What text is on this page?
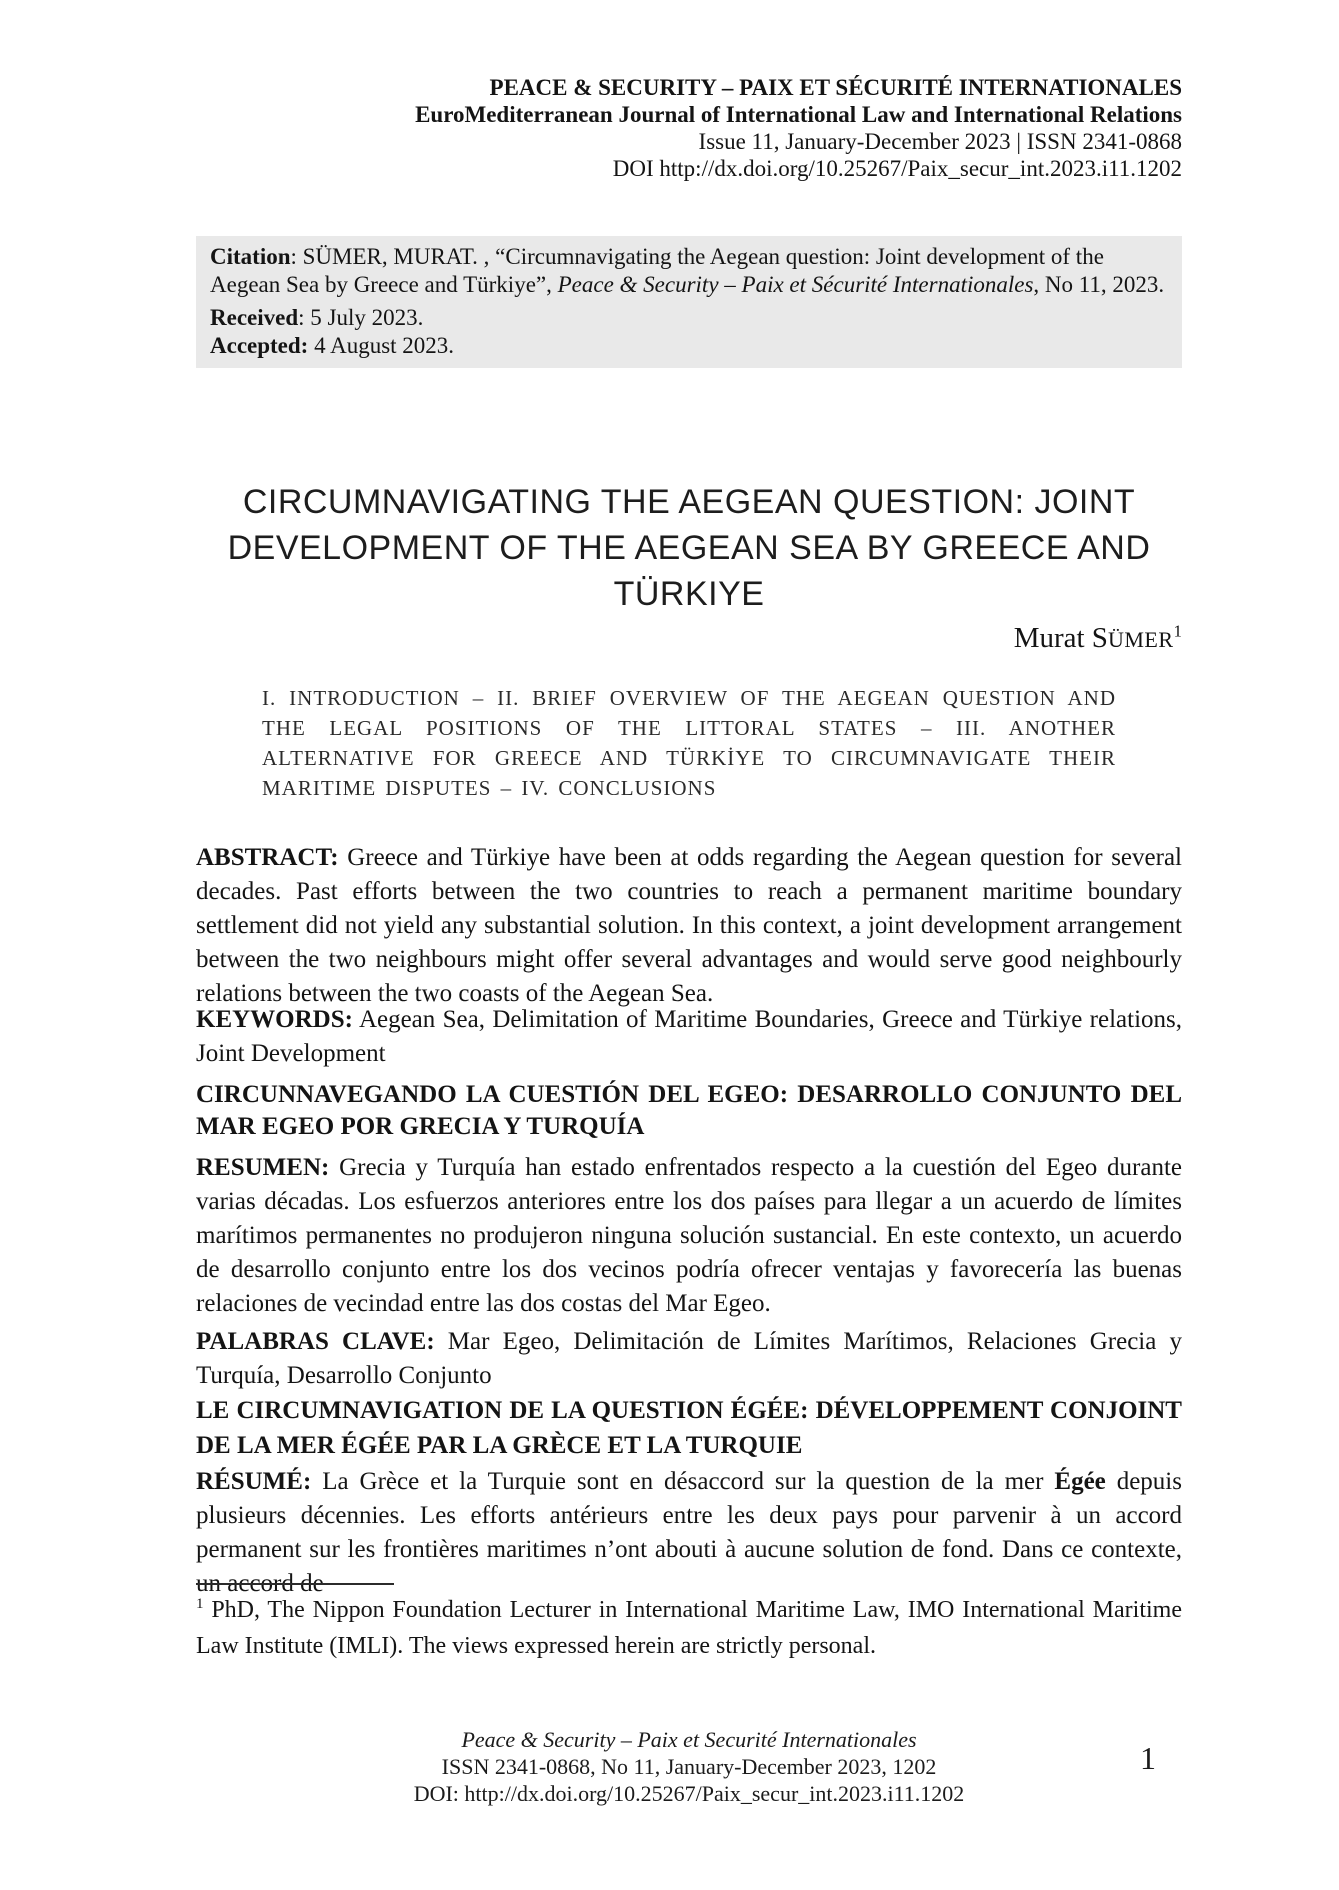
PEACE & SECURITY – PAIX ET SÉCURITÉ INTERNATIONALES
EuroMediterranean Journal of International Law and International Relations
Issue 11, January-December 2023 | ISSN 2341-0868
DOI http://dx.doi.org/10.25267/Paix_secur_int.2023.i11.1202

Citation: SÜMER, MURAT. , “Circumnavigating the Aegean question: Joint development of the Aegean Sea by Greece and Türkiye”, Peace & Security – Paix et Sécurité Internationales, No 11, 2023.

Received: 5 July 2023.

Accepted: 4 August 2023.

CIRCUMNAVIGATING THE AEGEAN QUESTION: JOINT DEVELOPMENT OF THE AEGEAN SEA BY GREECE AND TÜRKIYE
Murat SÜMER$^1$
I. INTRODUCTION – II. BRIEF OVERVIEW OF THE AEGEAN QUESTION AND THE LEGAL POSITIONS OF THE LITTORAL STATES – III. ANOTHER ALTERNATIVE FOR GREECE AND TÜRKİYE TO CIRCUMNAVIGATE THEIR MARITIME DISPUTES – IV. CONCLUSIONS
ABSTRACT: Greece and Türkiye have been at odds regarding the Aegean question for several decades. Past efforts between the two countries to reach a permanent maritime boundary settlement did not yield any substantial solution. In this context, a joint development arrangement between the two neighbours might offer several advantages and would serve good neighbourly relations between the two coasts of the Aegean Sea.
KEYWORDS: Aegean Sea, Delimitation of Maritime Boundaries, Greece and Türkiye relations, Joint Development
CIRCUNNAVEGANDO LA CUESTIÓN DEL EGEO: DESARROLLO CONJUNTO DEL MAR EGEO POR GRECIA Y TURQUÍA
RESUMEN: Grecia y Turquía han estado enfrentados respecto a la cuestión del Egeo durante varias décadas. Los esfuerzos anteriores entre los dos países para llegar a un acuerdo de límites marítimos permanentes no produjeron ninguna solución sustancial. En este contexto, un acuerdo de desarrollo conjunto entre los dos vecinos podría ofrecer ventajas y favorecería las buenas relaciones de vecindad entre las dos costas del Mar Egeo.
PALABRAS CLAVE: Mar Egeo, Delimitación de Límites Marítimos, Relaciones Grecia y Turquía, Desarrollo Conjunto
LE CIRCUMNAVIGATION DE LA QUESTION ÉGÉE: DÉVELOPPEMENT CONJOINT DE LA MER ÉGÉE PAR LA GRÈCE ET LA TURQUIE
RÉSUMÉ: La Grèce et la Turquie sont en désaccord sur la question de la mer Égée depuis plusieurs décennies. Les efforts antérieurs entre les deux pays pour parvenir à un accord permanent sur les frontières maritimes n’ont abouti à aucune solution de fond. Dans ce contexte, un accord de
$^1$ PhD, The Nippon Foundation Lecturer in International Maritime Law, IMO International Maritime Law Institute (IMLI). The views expressed herein are strictly personal.
Peace & Security – Paix et Securité Internationales
ISSN 2341-0868, No 11, January-December 2023, 1202
DOI: http://dx.doi.org/10.25267/Paix_secur_int.2023.i11.1202
1
